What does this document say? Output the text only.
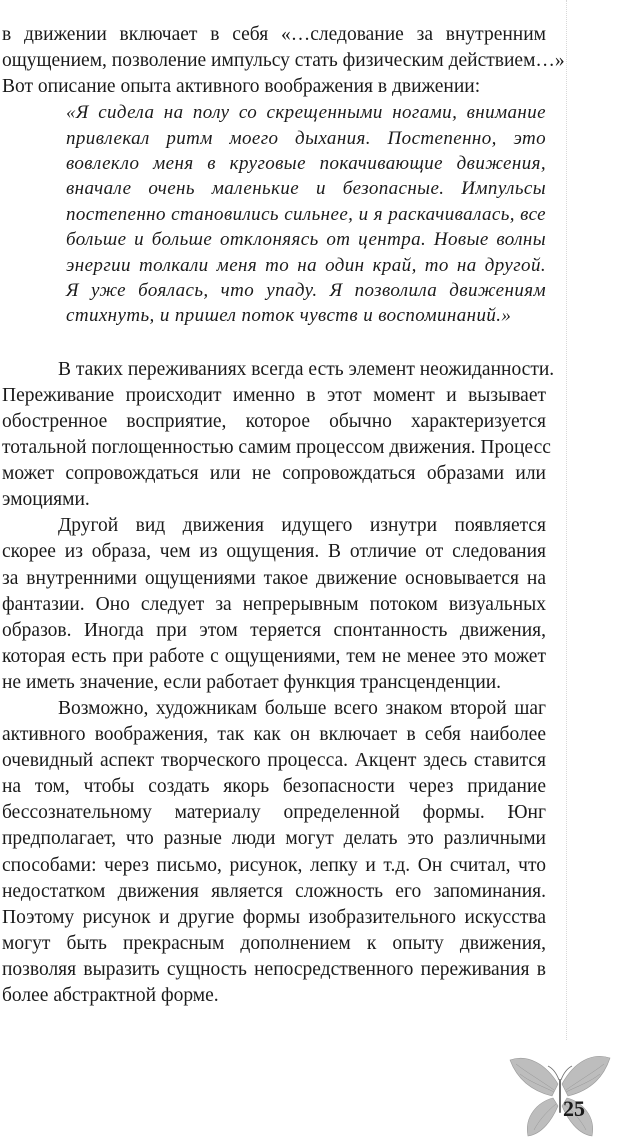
в движении включает в себя «…следование за внутренним
ощущением, позволение импульсу стать физическим действием…»
Вот описание опыта активного воображения в движении:
«Я сидела на полу со скрещенными ногами, внимание
привлекал ритм моего дыхания. Постепенно, это
вовлекло меня в круговые покачивающие движения,
вначале очень маленькие и безопасные. Импульсы
постепенно становились сильнее, и я раскачивалась, все
больше и больше отклоняясь от центра. Новые волны
энергии толкали меня то на один край, то на другой.
Я уже боялась, что упаду. Я позволила движениям
стихнуть, и пришел поток чувств и воспоминаний.»
В таких переживаниях всегда есть элемент неожиданности.
Переживание происходит именно в этот момент и вызывает
обостренное восприятие, которое обычно характеризуется
тотальной поглощенностью самим процессом движения. Процесс
может сопровождаться или не сопровождаться образами или
эмоциями.
Другой вид движения идущего изнутри появляется
скорее из образа, чем из ощущения. В отличие от следования
за внутренними ощущениями такое движение основывается на
фантазии. Оно следует за непрерывным потоком визуальных
образов. Иногда при этом теряется спонтанность движения,
которая есть при работе с ощущениями, тем не менее это может
не иметь значение, если работает функция трансценденции.
Возможно, художникам больше всего знаком второй шаг
активного воображения, так как он включает в себя наиболее
очевидный аспект творческого процесса. Акцент здесь ставится
на том, чтобы создать якорь безопасности через придание
бессознательному материалу определенной формы. Юнг
предполагает, что разные люди могут делать это различными
способами: через письмо, рисунок, лепку и т.д. Он считал, что
недостатком движения является сложность его запоминания.
Поэтому рисунок и другие формы изобразительного искусства
могут быть прекрасным дополнением к опыту движения,
позволяя выразить сущность непосредственного переживания в
более абстрактной форме.
25
